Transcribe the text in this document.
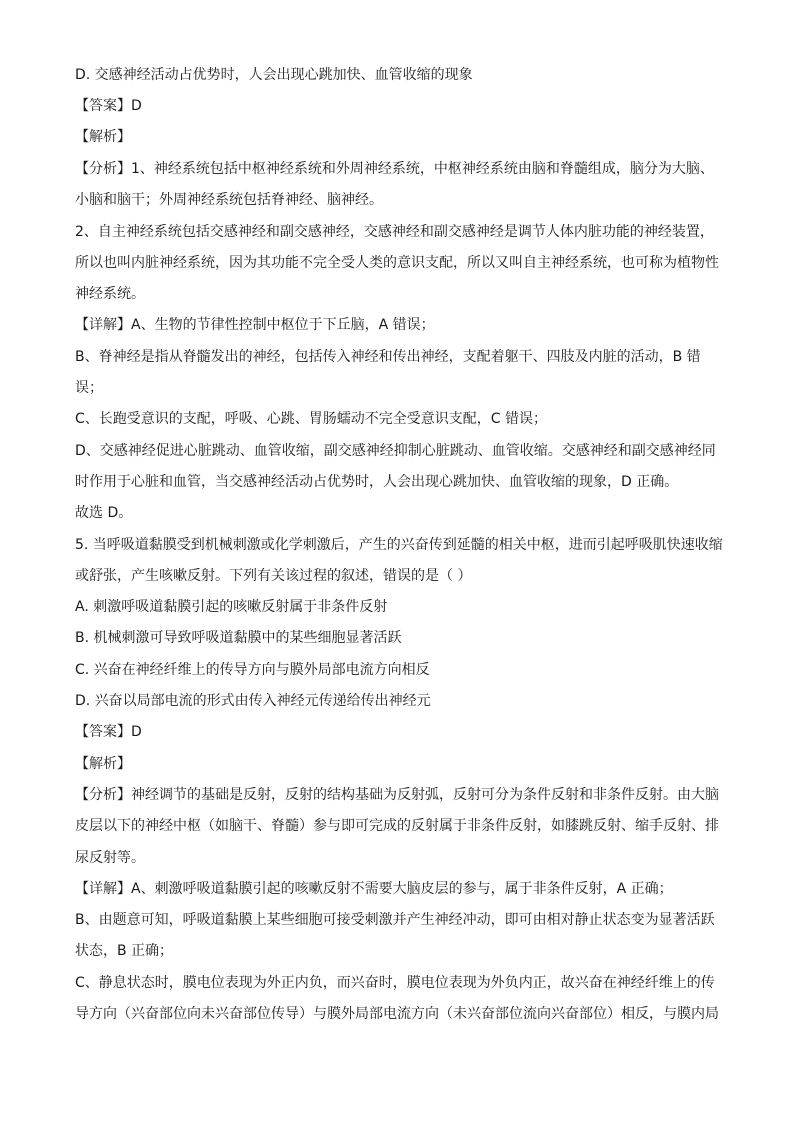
D. 交感神经活动占优势时，人会出现心跳加快、血管收缩的现象
【答案】D
【解析】
【分析】1、神经系统包括中枢神经系统和外周神经系统，中枢神经系统由脑和脊髓组成，脑分为大脑、
小脑和脑干；外周神经系统包括脊神经、脑神经。
2、自主神经系统包括交感神经和副交感神经，交感神经和副交感神经是调节人体内脏功能的神经装置，
所以也叫内脏神经系统，因为其功能不完全受人类的意识支配，所以又叫自主神经系统，也可称为植物性
神经系统。
【详解】A、生物的节律性控制中枢位于下丘脑，A 错误；
B、脊神经是指从脊髓发出的神经，包括传入神经和传出神经，支配着躯干、四肢及内脏的活动，B 错
误；
C、长跑受意识的支配，呼吸、心跳、胃肠蠕动不完全受意识支配，C 错误；
D、交感神经促进心脏跳动、血管收缩，副交感神经抑制心脏跳动、血管收缩。交感神经和副交感神经同
时作用于心脏和血管，当交感神经活动占优势时，人会出现心跳加快、血管收缩的现象，D 正确。
故选 D。
5. 当呼吸道黏膜受到机械刺激或化学刺激后，产生的兴奋传到延髓的相关中枢，进而引起呼吸肌快速收缩
或舒张，产生咳嗽反射。下列有关该过程的叙述，错误的是（ ）
A. 刺激呼吸道黏膜引起的咳嗽反射属于非条件反射
B. 机械刺激可导致呼吸道黏膜中的某些细胞显著活跃
C. 兴奋在神经纤维上的传导方向与膜外局部电流方向相反
D. 兴奋以局部电流的形式由传入神经元传递给传出神经元
【答案】D
【解析】
【分析】神经调节的基础是反射，反射的结构基础为反射弧，反射可分为条件反射和非条件反射。由大脑
皮层以下的神经中枢（如脑干、脊髓）参与即可完成的反射属于非条件反射，如膝跳反射、缩手反射、排
尿反射等。
【详解】A、刺激呼吸道黏膜引起的咳嗽反射不需要大脑皮层的参与，属于非条件反射，A 正确；
B、由题意可知，呼吸道黏膜上某些细胞可接受刺激并产生神经冲动，即可由相对静止状态变为显著活跃
状态，B 正确；
C、静息状态时，膜电位表现为外正内负，而兴奋时，膜电位表现为外负内正，故兴奋在神经纤维上的传
导方向（兴奋部位向未兴奋部位传导）与膜外局部电流方向（未兴奋部位流向兴奋部位）相反，与膜内局
